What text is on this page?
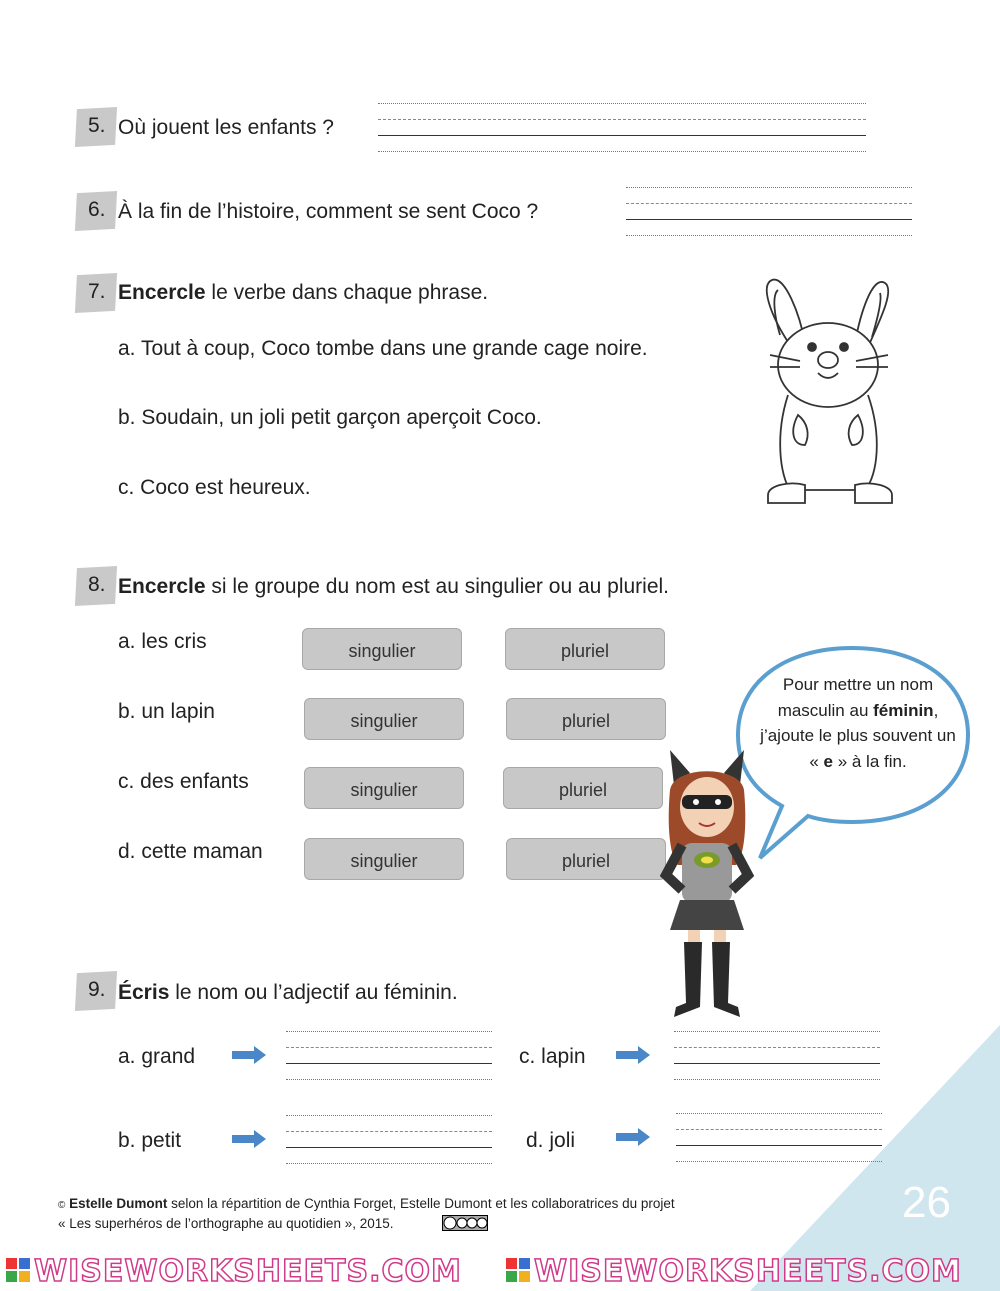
26
5. Où jouent les enfants ?
6. À la fin de l’histoire, comment se sent Coco ?
7. Encercle le verbe dans chaque phrase.
a. Tout à coup, Coco tombe dans une grande cage noire.
b. Soudain, un joli petit garçon aperçoit Coco.
c. Coco est heureux.
8. Encercle si le groupe du nom est au singulier ou au pluriel.
a. les cris	singulier	pluriel
b. un lapin	singulier	pluriel
c. des enfants	singulier	pluriel
d. cette maman	singulier	pluriel
Pour mettre un nom masculin au féminin, j’ajoute le plus souvent un « e » à la fin.
9. Écris le nom ou l’adjectif au féminin.
a. grand	c. lapin
b. petit	d. joli
© Estelle Dumont selon la répartition de Cynthia Forget, Estelle Dumont et les collaboratrices du projet
« Les superhéros de l’orthographe au quotidien », 2015.
WISEWORKSHEETS.COM WISEWORKSHEETS.COM
